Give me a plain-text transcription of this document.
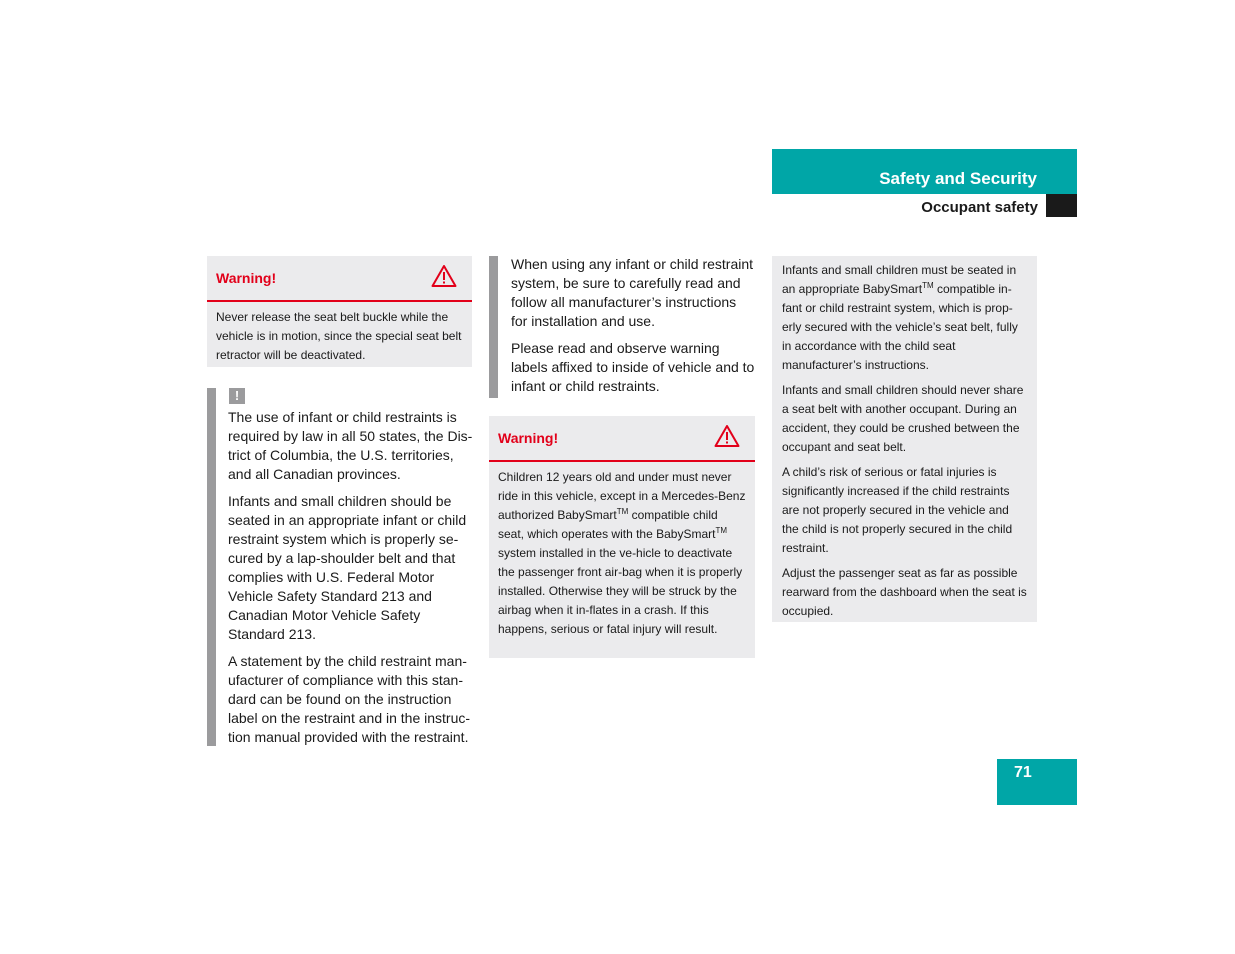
Safety and Security
Occupant safety
Warning!
Never release the seat belt buckle while the vehicle is in motion, since the special seat belt retractor will be deactivated.
!

The use of infant or child restraints is required by law in all 50 states, the Dis-trict of Columbia, the U.S. territories, and all Canadian provinces.

Infants and small children should be seated in an appropriate infant or child restraint system which is properly se-cured by a lap-shoulder belt and that complies with U.S. Federal Motor Vehicle Safety Standard 213 and Canadian Motor Vehicle Safety Standard 213.

A statement by the child restraint man-ufacturer of compliance with this stan-dard can be found on the instruction label on the restraint and in the instruc-tion manual provided with the restraint.

When using any infant or child restraint system, be sure to carefully read and follow all manufacturer’s instructions for installation and use.

Please read and observe warning labels affixed to inside of vehicle and to infant or child restraints.

Warning!
Children 12 years old and under must never ride in this vehicle, except in a Mercedes-Benz authorized BabySmart™ compatible child seat, which operates with the BabySmart™ system installed in the ve-hicle to deactivate the passenger front air-bag when it is properly installed. Otherwise they will be struck by the airbag when it in-flates in a crash. If this happens, serious or fatal injury will result.

Infants and small children must be seated in an appropriate BabySmart™ compatible in-fant or child restraint system, which is prop-erly secured with the vehicle’s seat belt, fully in accordance with the child seat manufacturer’s instructions.

Infants and small children should never share a seat belt with another occupant. During an accident, they could be crushed between the occupant and seat belt.

A child’s risk of serious or fatal injuries is significantly increased if the child restraints are not properly secured in the vehicle and the child is not properly secured in the child restraint.

Adjust the passenger seat as far as possible rearward from the dashboard when the seat is occupied.

71
